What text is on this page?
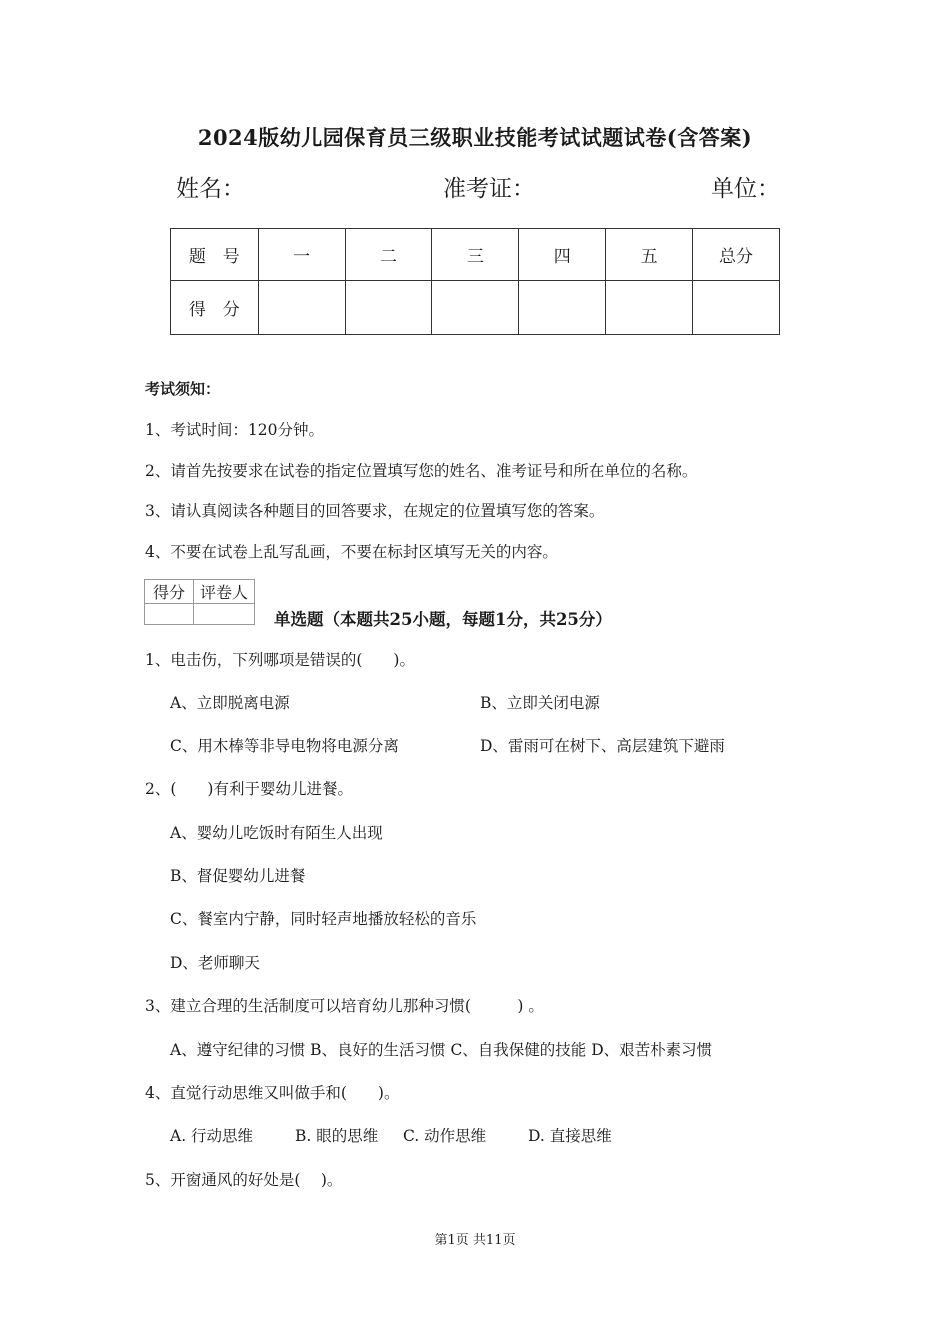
2024版幼儿园保育员三级职业技能考试试题试卷(含答案)
姓名：	准考证：	单位：
题　号	一	二	三	四	五	总分
得　分						
考试须知：
1、考试时间：120分钟。
2、请首先按要求在试卷的指定位置填写您的姓名、准考证号和所在单位的名称。
3、请认真阅读各种题目的回答要求，在规定的位置填写您的答案。
4、不要在试卷上乱写乱画，不要在标封区填写无关的内容。
得分	评卷人

单选题（本题共25小题，每题1分，共25分）
1、电击伤，下列哪项是错误的(　　)。
A、立即脱离电源	B、立即关闭电源
C、用木棒等非导电物将电源分离	D、雷雨可在树下、高层建筑下避雨
2、(　　)有利于婴幼儿进餐。
A、婴幼儿吃饭时有陌生人出现
B、督促婴幼儿进餐
C、餐室内宁静，同时轻声地播放轻松的音乐
D、老师聊天
3、建立合理的生活制度可以培育幼儿那种习惯(　　　) 。
A、遵守纪律的习惯 B、良好的生活习惯 C、自我保健的技能 D、艰苦朴素习惯
4、直觉行动思维又叫做手和(　　)。
A. 行动思维	B. 眼的思维 C. 动作思维	D. 直接思维
5、开窗通风的好处是(　 )。
第1页 共11页
